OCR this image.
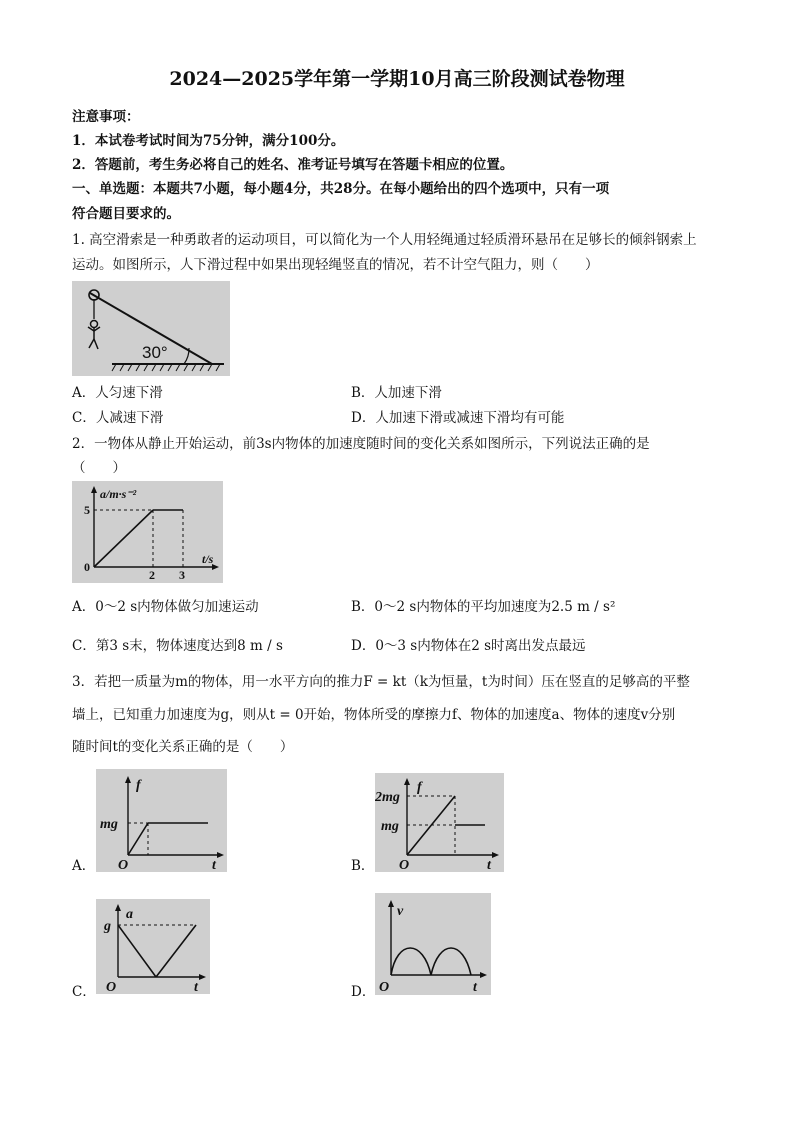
2024—2025学年第一学期10月高三阶段测试卷物理
注意事项：
1．本试卷考试时间为75分钟，满分100分。
2．答题前，考生务必将自己的姓名、准考证号填写在答题卡相应的位置。
一、单选题：本题共7小题，每小题4分，共28分。在每小题给出的四个选项中，只有一项
符合题目要求的。
1. 高空滑索是一种勇敢者的运动项目，可以简化为一个人用轻绳通过轻质滑环悬吊在足够长的倾斜钢索上
运动。如图所示，人下滑过程中如果出现轻绳竖直的情况，若不计空气阻力，则（　　）
30°
A．人匀速下滑	B．人加速下滑
C．人减速下滑	D．人加速下滑或减速下滑均有可能
2．一物体从静止开始运动，前3s内物体的加速度随时间的变化关系如图所示，下列说法正确的是
（　　）
a/m·s⁻²
t/s
5
0
2 3
A．0～2 s内物体做匀加速运动	B．0～2 s内物体的平均加速度为2.5 m / s²
C．第3 s末，物体速度达到8 m / s	D．0～3 s内物体在2 s时离出发点最远
3．若把一质量为m的物体，用一水平方向的推力F = kt（k为恒量，t为时间）压在竖直的足够高的平整
墙上，已知重力加速度为g，则从t = 0开始，物体所受的摩擦力f、物体的加速度a、物体的速度v分别
随时间t的变化关系正确的是（　　）
A．
f
mg
O	t	B．
f
2mg
mg
O	t
C．
a
g
O	t	D．
v
O	t
